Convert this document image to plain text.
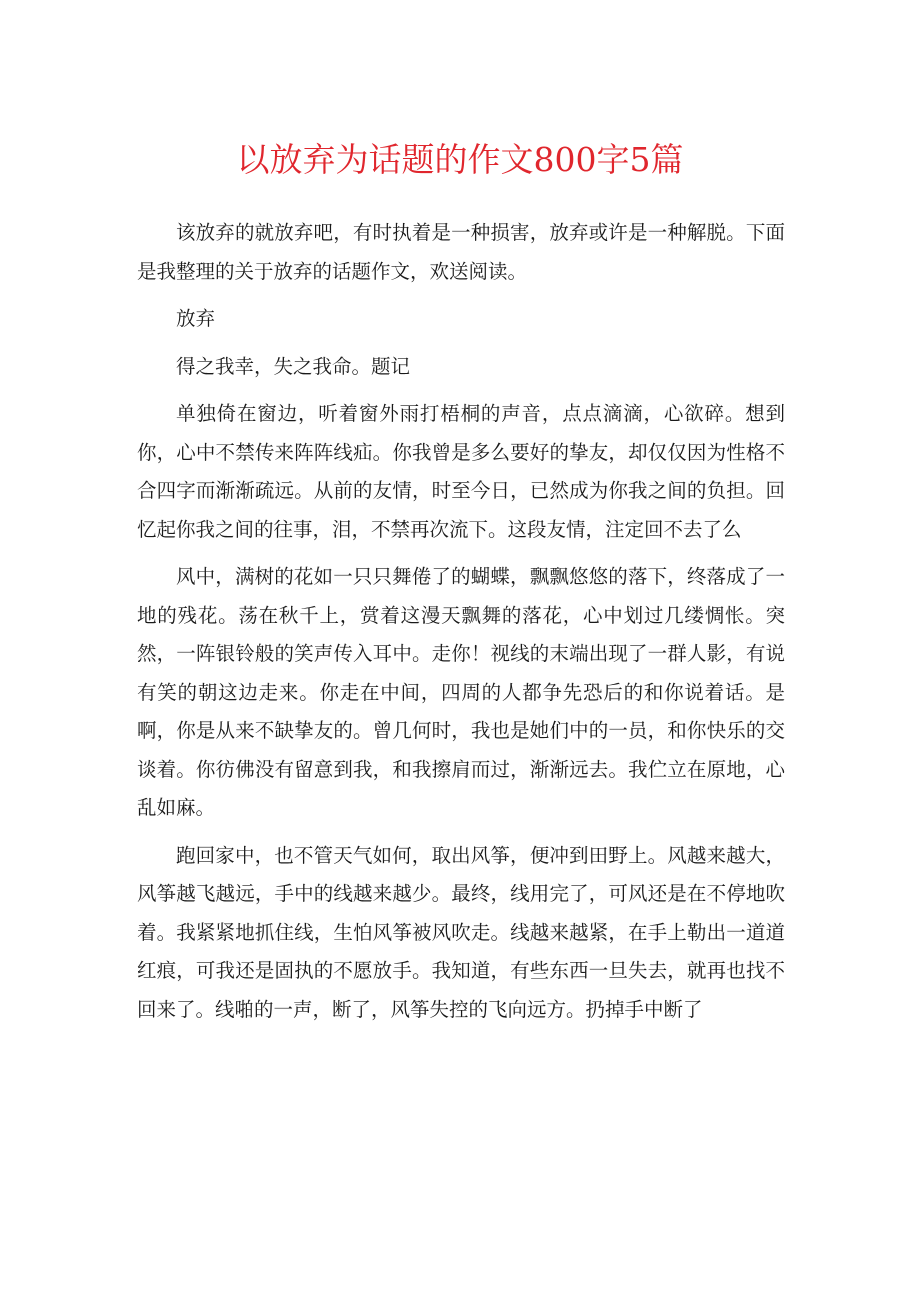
以放弃为话题的作文800字5篇

该放弃的就放弃吧，有时执着是一种损害，放弃或许是一种解脱。下面是我整理的关于放弃的话题作文，欢送阅读。

放弃

得之我幸，失之我命。题记

单独倚在窗边，听着窗外雨打梧桐的声音，点点滴滴，心欲碎。想到你，心中不禁传来阵阵线疝。你我曾是多么要好的挚友，却仅仅因为性格不合四字而渐渐疏远。从前的友情，时至今日，已然成为你我之间的负担。回忆起你我之间的往事，泪，不禁再次流下。这段友情，注定回不去了么

风中，满树的花如一只只舞倦了的蝴蝶，飘飘悠悠的落下，终落成了一地的残花。荡在秋千上，赏着这漫天飘舞的落花，心中划过几缕惆怅。突然，一阵银铃般的笑声传入耳中。走你！视线的末端出现了一群人影，有说有笑的朝这边走来。你走在中间，四周的人都争先恐后的和你说着话。是啊，你是从来不缺挚友的。曾几何时，我也是她们中的一员，和你快乐的交谈着。你彷佛没有留意到我，和我擦肩而过，渐渐远去。我伫立在原地，心乱如麻。

跑回家中，也不管天气如何，取出风筝，便冲到田野上。风越来越大，风筝越飞越远，手中的线越来越少。最终，线用完了，可风还是在不停地吹着。我紧紧地抓住线，生怕风筝被风吹走。线越来越紧，在手上勒出一道道红痕，可我还是固执的不愿放手。我知道，有些东西一旦失去，就再也找不回来了。线啪的一声，断了，风筝失控的飞向远方。扔掉手中断了
